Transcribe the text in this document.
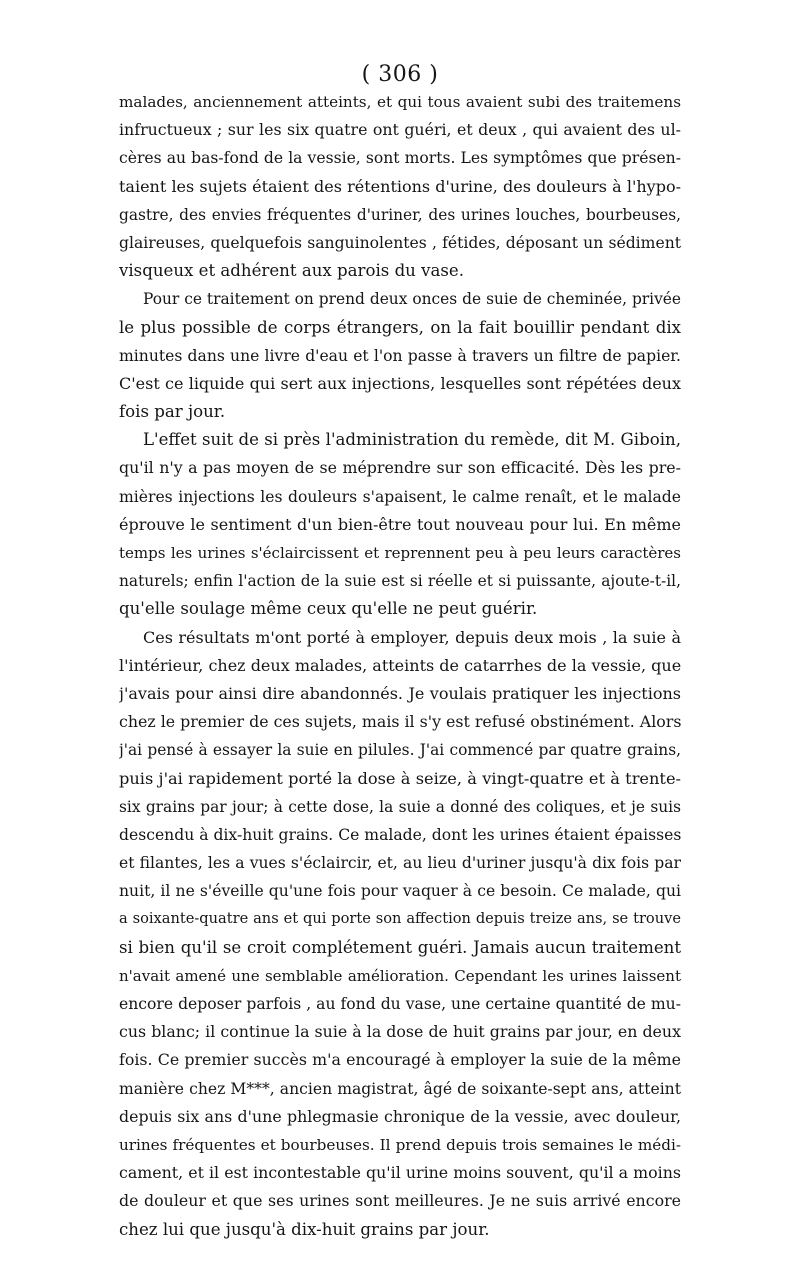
( 306 )
malades, anciennement atteints, et qui tous avaient subi des traitemens
infructueux ; sur les six quatre ont guéri, et deux , qui avaient des ul-
cères au bas-fond de la vessie, sont morts. Les symptômes que présen-
taient les sujets étaient des rétentions d'urine, des douleurs à l'hypo-
gastre, des envies fréquentes d'uriner, des urines louches, bourbeuses,
glaireuses, quelquefois sanguinolentes , fétides, déposant un sédiment
visqueux et adhérent aux parois du vase.
Pour ce traitement on prend deux onces de suie de cheminée, privée
le plus possible de corps étrangers, on la fait bouillir pendant dix
minutes dans une livre d'eau et l'on passe à travers un filtre de papier.
C'est ce liquide qui sert aux injections, lesquelles sont répétées deux
fois par jour.
L'effet suit de si près l'administration du remède, dit M. Giboin,
qu'il n'y a pas moyen de se méprendre sur son efficacité. Dès les pre-
mières injections les douleurs s'apaisent, le calme renaît, et le malade
éprouve le sentiment d'un bien-être tout nouveau pour lui. En même
temps les urines s'éclaircissent et reprennent peu à peu leurs caractères
naturels; enfin l'action de la suie est si réelle et si puissante, ajoute-t-il,
qu'elle soulage même ceux qu'elle ne peut guérir.
Ces résultats m'ont porté à employer, depuis deux mois , la suie à
l'intérieur, chez deux malades, atteints de catarrhes de la vessie, que
j'avais pour ainsi dire abandonnés. Je voulais pratiquer les injections
chez le premier de ces sujets, mais il s'y est refusé obstinément. Alors
j'ai pensé à essayer la suie en pilules. J'ai commencé par quatre grains,
puis j'ai rapidement porté la dose à seize, à vingt-quatre et à trente-
six grains par jour; à cette dose, la suie a donné des coliques, et je suis
descendu à dix-huit grains. Ce malade, dont les urines étaient épaisses
et filantes, les a vues s'éclaircir, et, au lieu d'uriner jusqu'à dix fois par
nuit, il ne s'éveille qu'une fois pour vaquer à ce besoin. Ce malade, qui
a soixante-quatre ans et qui porte son affection depuis treize ans, se trouve
si bien qu'il se croit complétement guéri. Jamais aucun traitement
n'avait amené une semblable amélioration. Cependant les urines laissent
encore deposer parfois , au fond du vase, une certaine quantité de mu-
cus blanc; il continue la suie à la dose de huit grains par jour, en deux
fois. Ce premier succès m'a encouragé à employer la suie de la même
manière chez M***, ancien magistrat, âgé de soixante-sept ans, atteint
depuis six ans d'une phlegmasie chronique de la vessie, avec douleur,
urines fréquentes et bourbeuses. Il prend depuis trois semaines le médi-
cament, et il est incontestable qu'il urine moins souvent, qu'il a moins
de douleur et que ses urines sont meilleures. Je ne suis arrivé encore
chez lui que jusqu'à dix-huit grains par jour.
